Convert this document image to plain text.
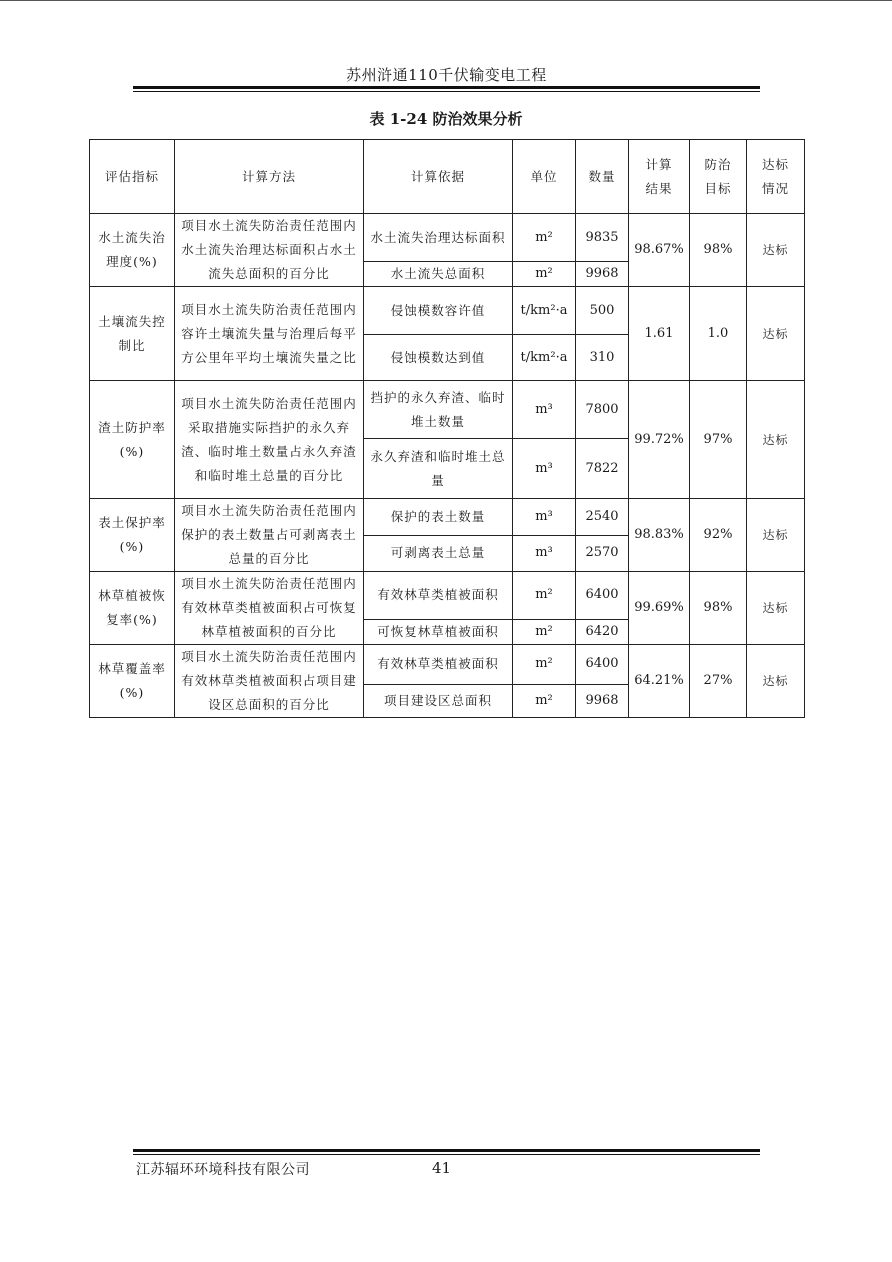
苏州浒通110千伏输变电工程
表 1-24 防治效果分析
评估指标	计算方法	计算依据	单位	数量	计算结果	防治目标	达标情况
水土流失治理度(%)	项目水土流失防治责任范围内水土流失治理达标面积占水土流失总面积的百分比	水土流失治理达标面积	m²	9835	98.67%	98%	达标
		水土流失总面积	m²	9968			
土壤流失控制比	项目水土流失防治责任范围内容许土壤流失量与治理后每平方公里年平均土壤流失量之比	侵蚀模数容许值	t/km²·a	500	1.61	1.0	达标
		侵蚀模数达到值	t/km²·a	310			
渣土防护率(%)	项目水土流失防治责任范围内采取措施实际挡护的永久弃渣、临时堆土数量占永久弃渣和临时堆土总量的百分比	挡护的永久弃渣、临时堆土数量	m³	7800	99.72%	97%	达标
		永久弃渣和临时堆土总量	m³	7822			
表土保护率(%)	项目水土流失防治责任范围内保护的表土数量占可剥离表土总量的百分比	保护的表土数量	m³	2540	98.83%	92%	达标
		可剥离表土总量	m³	2570			
林草植被恢复率(%)	项目水土流失防治责任范围内有效林草类植被面积占可恢复林草植被面积的百分比	有效林草类植被面积	m²	6400	99.69%	98%	达标
		可恢复林草植被面积	m²	6420			
林草覆盖率(%)	项目水土流失防治责任范围内有效林草类植被面积占项目建设区总面积的百分比	有效林草类植被面积	m²	6400	64.21%	27%	达标
		项目建设区总面积	m²	9968			
江苏辐环环境科技有限公司	41
